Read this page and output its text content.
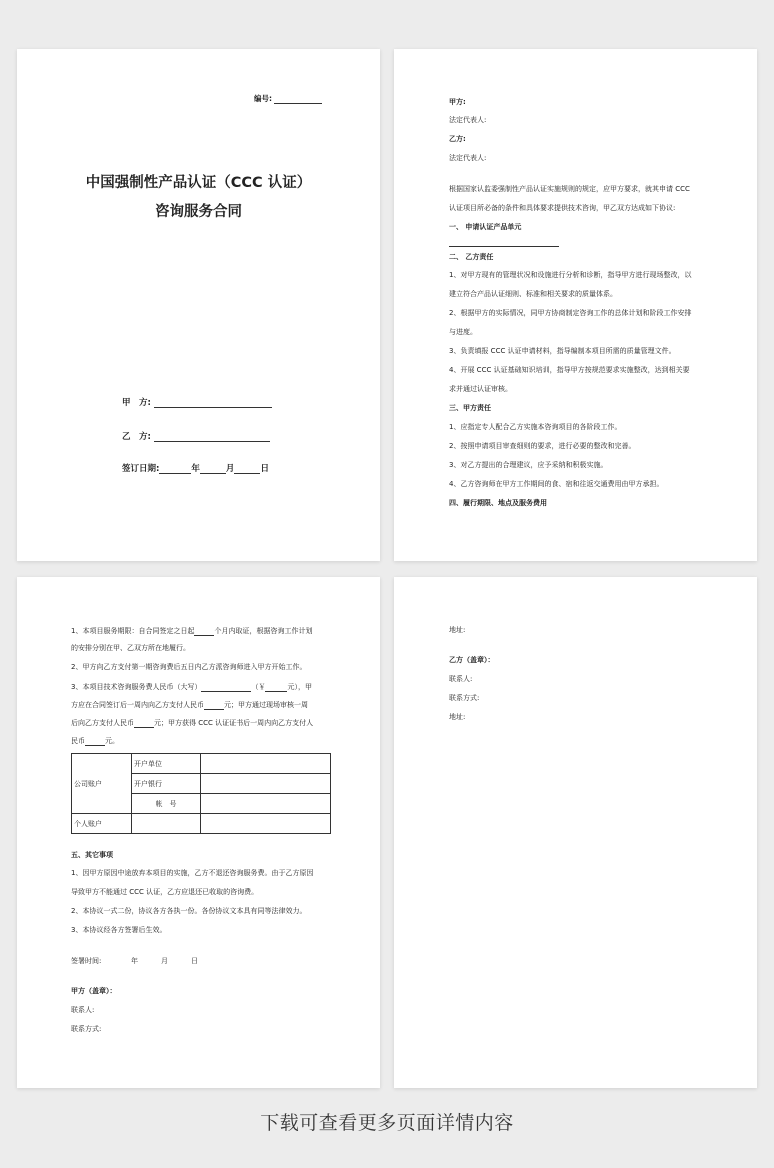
编号:
中国强制性产品认证（CCC 认证）
咨询服务合同
甲　方:
乙　方:
签订日期:	年	月	日
甲方:
法定代表人:
乙方:
法定代表人:
根据国家认监委强制性产品认证实施规则的规定，应甲方要求，就其申请 CCC
认证项目所必备的条件和具体要求提供技术咨询，甲乙双方达成如下协议:
一、 申请认证产品单元
二、 乙方责任
1、对甲方现有的管理状况和设施进行分析和诊断，指导甲方进行现场整改，以
建立符合产品认证细则、标准和相关要求的质量体系。
2、根据甲方的实际情况，同甲方协商制定咨询工作的总体计划和阶段工作安排
与进度。
3、负责填报 CCC 认证申请材料，指导编制本项目所需的质量管理文件。
4、开展 CCC 认证基础知识培训，指导甲方按规范要求实施整改，达到相关要
求并通过认证审核。
三、甲方责任
1、应指定专人配合乙方实施本咨询项目的各阶段工作。
2、按照申请项目审查细则的要求，进行必要的整改和完善。
3、对乙方提出的合理建议，应予采纳和积极实施。
4、乙方咨询师在甲方工作期间的食、宿和往返交通费用由甲方承担。
四、履行期限、地点及服务费用
1、本项目服务期限：自合同签定之日起	个月内取证，根据咨询工作计划
的安排分别在甲、乙双方所在地履行。
2、甲方向乙方支付第一期咨询费后五日内乙方派咨询师进入甲方开始工作。
3、本项目技术咨询服务费人民币（大写）	（￥	元），甲
方应在合同签订后一周内向乙方支付人民币	元；甲方通过现场审核一周
后向乙方支付人民币	元；甲方获得 CCC 认证证书后一周内向乙方支付人
民币	元。
公司账户	开户单位	
	开户银行	
	帐　号	
个人账户		
五、其它事项
1、因甲方原因中途放弃本项目的实施，乙方不退还咨询服务费。由于乙方原因
导致甲方不能通过 CCC 认证，乙方应退还已收取的咨询费。
2、本协议一式二份，协议各方各执一份。各份协议文本具有同等法律效力。
3、本协议经各方签署后生效。
签署时间:	年	月	日
甲方（盖章）：
联系人:
联系方式:
地址:
乙方（盖章）：
联系人:
联系方式:
地址:
下载可查看更多页面详情内容
